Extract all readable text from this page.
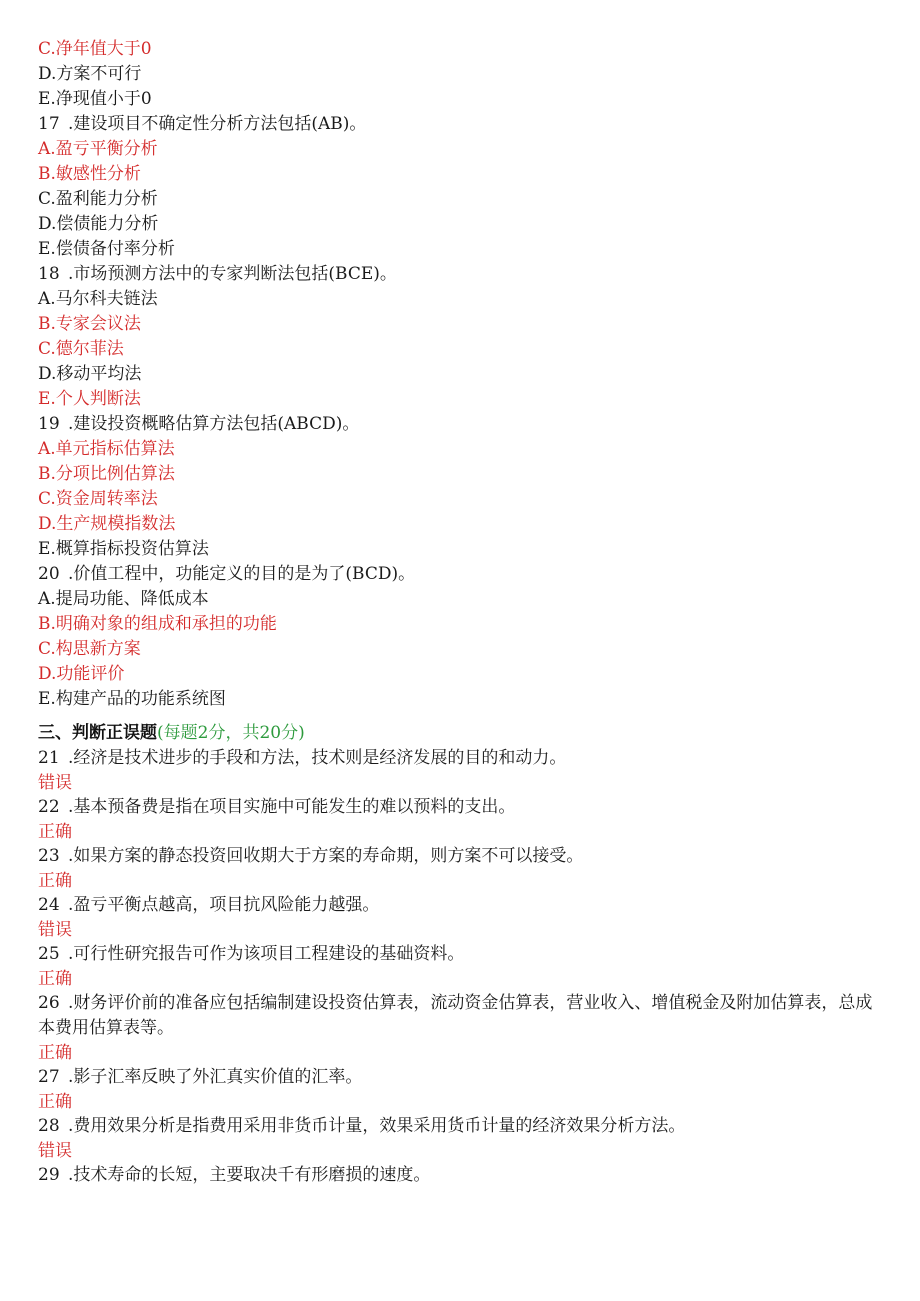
C.净年值大于0
D.方案不可行
E.净现值小于0
17 .建设项目不确定性分析方法包括(AB)。
A.盈亏平衡分析
B.敏感性分析
C.盈利能力分析
D.偿债能力分析
E.偿债备付率分析
18 .市场预测方法中的专家判断法包括(BCE)。
A.马尔科夫链法
B.专家会议法
C.德尔菲法
D.移动平均法
E.个人判断法
19 .建设投资概略估算方法包括(ABCD)。
A.单元指标估算法
B.分项比例估算法
C.资金周转率法
D.生产规模指数法
E.概算指标投资估算法
20 .价值工程中，功能定义的目的是为了(BCD)。
A.提局功能、降低成本
B.明确对象的组成和承担的功能
C.构思新方案
D.功能评价
E.构建产品的功能系统图
三、判断正误题(每题2分，共20分)
21 .经济是技术进步的手段和方法，技术则是经济发展的目的和动力。
错误
22 .基本预备费是指在项目实施中可能发生的难以预料的支出。
正确
23 .如果方案的静态投资回收期大于方案的寿命期，则方案不可以接受。
正确
24 .盈亏平衡点越高，项目抗风险能力越强。
错误
25 .可行性研究报告可作为该项目工程建设的基础资料。
正确
26 .财务评价前的准备应包括编制建设投资估算表，流动资金估算表，营业收入、增值税金及附加估算表，总成本费用估算表等。
正确
27 .影子汇率反映了外汇真实价值的汇率。
正确
28 .费用效果分析是指费用采用非货币计量，效果采用货币计量的经济效果分析方法。
错误
29 .技术寿命的长短，主要取决千有形磨损的速度。
